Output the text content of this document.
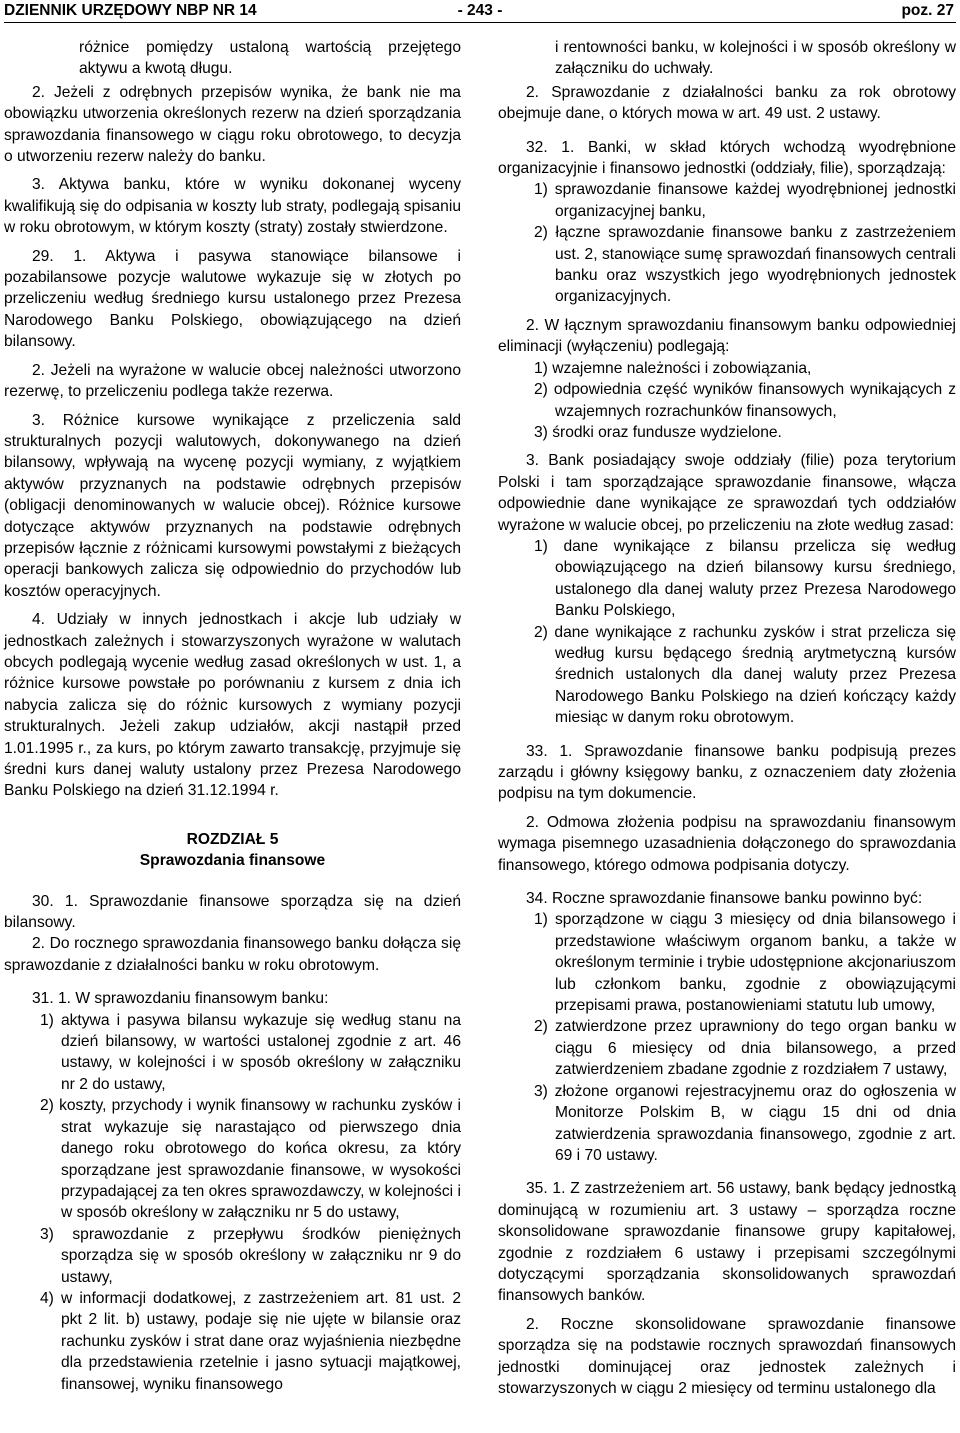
DZIENNIK URZĘDOWY NBP NR 14	- 243 -	poz. 27

różnice pomiędzy ustaloną wartością przejętego aktywu a kwotą długu.

2. Jeżeli z odrębnych przepisów wynika, że bank nie ma obowiązku utworzenia określonych rezerw na dzień sporządzania sprawozdania finansowego w ciągu roku obrotowego, to decyzja o utworzeniu rezerw należy do banku.

3. Aktywa banku, które w wyniku dokonanej wyceny kwalifikują się do odpisania w koszty lub straty, podlegają spisaniu w roku obrotowym, w którym koszty (straty) zostały stwierdzone.

29. 1. Aktywa i pasywa stanowiące bilansowe i pozabilansowe pozycje walutowe wykazuje się w złotych po przeliczeniu według średniego kursu ustalonego przez Prezesa Narodowego Banku Polskiego, obowiązującego na dzień bilansowy.

2. Jeżeli na wyrażone w walucie obcej należności utworzono rezerwę, to przeliczeniu podlega także rezerwa.

3. Różnice kursowe wynikające z przeliczenia sald strukturalnych pozycji walutowych, dokonywanego na dzień bilansowy, wpływają na wycenę pozycji wymiany, z wyjątkiem aktywów przyznanych na podstawie odrębnych przepisów (obligacji denominowanych w walucie obcej). Różnice kursowe dotyczące aktywów przyznanych na podstawie odrębnych przepisów łącznie z różnicami kursowymi powstałymi z bieżących operacji bankowych zalicza się odpowiednio do przychodów lub kosztów operacyjnych.

4. Udziały w innych jednostkach i akcje lub udziały w jednostkach zależnych i stowarzyszonych wyrażone w walutach obcych podlegają wycenie według zasad określonych w ust. 1, a różnice kursowe powstałe po porównaniu z kursem z dnia ich nabycia zalicza się do różnic kursowych z wymiany pozycji strukturalnych. Jeżeli zakup udziałów, akcji nastąpił przed 1.01.1995 r., za kurs, po którym zawarto transakcję, przyjmuje się średni kurs danej waluty ustalony przez Prezesa Narodowego Banku Polskiego na dzień 31.12.1994 r.

ROZDZIAŁ 5

Sprawozdania finansowe

30. 1. Sprawozdanie finansowe sporządza się na dzień bilansowy.

2. Do rocznego sprawozdania finansowego banku dołącza się sprawozdanie z działalności banku w roku obrotowym.

31. 1. W sprawozdaniu finansowym banku:

1) aktywa i pasywa bilansu wykazuje się według stanu na dzień bilansowy, w wartości ustalonej zgodnie z art. 46 ustawy, w kolejności i w sposób określony w załączniku nr 2 do ustawy,

2) koszty, przychody i wynik finansowy w rachunku zysków i strat wykazuje się narastająco od pierwszego dnia danego roku obrotowego do końca okresu, za który sporządzane jest sprawozdanie finansowe, w wysokości przypadającej za ten okres sprawozdawczy, w kolejności i w sposób określony w załączniku nr 5 do ustawy,

3) sprawozdanie z przepływu środków pieniężnych sporządza się w sposób określony w załączniku nr 9 do ustawy,

4) w informacji dodatkowej, z zastrzeżeniem art. 81 ust. 2 pkt 2 lit. b) ustawy, podaje się nie ujęte w bilansie oraz rachunku zysków i strat dane oraz wyjaśnienia niezbędne dla przedstawienia rzetelnie i jasno sytuacji majątkowej, finansowej, wyniku finansowego

i rentowności banku, w kolejności i w sposób określony w załączniku do uchwały.

2. Sprawozdanie z działalności banku za rok obrotowy obejmuje dane, o których mowa w art. 49 ust. 2 ustawy.

32. 1. Banki, w skład których wchodzą wyodrębnione organizacyjnie i finansowo jednostki (oddziały, filie), sporządzają:

1) sprawozdanie finansowe każdej wyodrębnionej jednostki organizacyjnej banku,

2) łączne sprawozdanie finansowe banku z zastrzeżeniem ust. 2, stanowiące sumę sprawozdań finansowych centrali banku oraz wszystkich jego wyodrębnionych jednostek organizacyjnych.

2. W łącznym sprawozdaniu finansowym banku odpowiedniej eliminacji (wyłączeniu) podlegają:

1) wzajemne należności i zobowiązania,

2) odpowiednia część wyników finansowych wynikających z wzajemnych rozrachunków finansowych,

3) środki oraz fundusze wydzielone.

3. Bank posiadający swoje oddziały (filie) poza terytorium Polski i tam sporządzające sprawozdanie finansowe, włącza odpowiednie dane wynikające ze sprawozdań tych oddziałów wyrażone w walucie obcej, po przeliczeniu na złote według zasad:

1) dane wynikające z bilansu przelicza się według obowiązującego na dzień bilansowy kursu średniego, ustalonego dla danej waluty przez Prezesa Narodowego Banku Polskiego,

2) dane wynikające z rachunku zysków i strat przelicza się według kursu będącego średnią arytmetyczną kursów średnich ustalonych dla danej waluty przez Prezesa Narodowego Banku Polskiego na dzień kończący każdy miesiąc w danym roku obrotowym.

33. 1. Sprawozdanie finansowe banku podpisują prezes zarządu i główny księgowy banku, z oznaczeniem daty złożenia podpisu na tym dokumencie.

2. Odmowa złożenia podpisu na sprawozdaniu finansowym wymaga pisemnego uzasadnienia dołączonego do sprawozdania finansowego, którego odmowa podpisania dotyczy.

34. Roczne sprawozdanie finansowe banku powinno być:

1) sporządzone w ciągu 3 miesięcy od dnia bilansowego i przedstawione właściwym organom banku, a także w określonym terminie i trybie udostępnione akcjonariuszom lub członkom banku, zgodnie z obowiązującymi przepisami prawa, postanowieniami statutu lub umowy,

2) zatwierdzone przez uprawniony do tego organ banku w ciągu 6 miesięcy od dnia bilansowego, a przed zatwierdzeniem zbadane zgodnie z rozdziałem 7 ustawy,

3) złożone organowi rejestracyjnemu oraz do ogłoszenia w Monitorze Polskim B, w ciągu 15 dni od dnia zatwierdzenia sprawozdania finansowego, zgodnie z art. 69 i 70 ustawy.

35. 1. Z zastrzeżeniem art. 56 ustawy, bank będący jednostką dominującą w rozumieniu art. 3 ustawy – sporządza roczne skonsolidowane sprawozdanie finansowe grupy kapitałowej, zgodnie z rozdziałem 6 ustawy i przepisami szczególnymi dotyczącymi sporządzania skonsolidowanych sprawozdań finansowych banków.

2. Roczne skonsolidowane sprawozdanie finansowe sporządza się na podstawie rocznych sprawozdań finansowych jednostki dominującej oraz jednostek zależnych i stowarzyszonych w ciągu 2 miesięcy od terminu ustalonego dla
